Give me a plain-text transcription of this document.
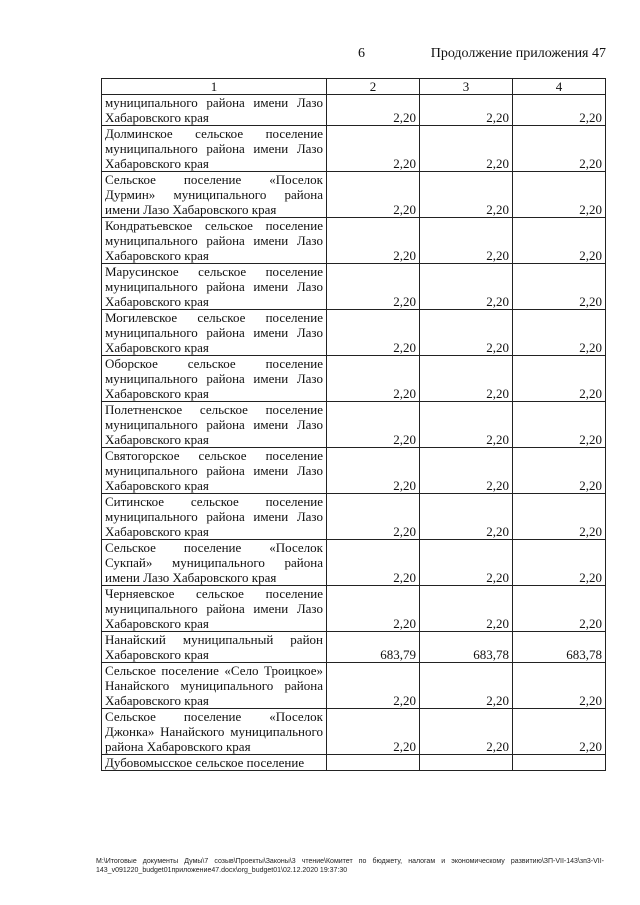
6	Продолжение приложения 47
1	2	3	4
муниципального района имени Лазо Хабаровского края	2,20	2,20	2,20
Долминское сельское поселение муниципального района имени Лазо Хабаровского края	2,20	2,20	2,20
Сельское поселение «Поселок Дурмин» муниципального района имени Лазо Хабаровского края	2,20	2,20	2,20
Кондратьевское сельское поселение муниципального района имени Лазо Хабаровского края	2,20	2,20	2,20
Марусинское сельское поселение муниципального района имени Лазо Хабаровского края	2,20	2,20	2,20
Могилевское сельское поселение муниципального района имени Лазо Хабаровского края	2,20	2,20	2,20
Оборское сельское поселение муниципального района имени Лазо Хабаровского края	2,20	2,20	2,20
Полетненское сельское поселение муниципального района имени Лазо Хабаровского края	2,20	2,20	2,20
Святогорское сельское поселение муниципального района имени Лазо Хабаровского края	2,20	2,20	2,20
Ситинское сельское поселение муниципального района имени Лазо Хабаровского края	2,20	2,20	2,20
Сельское поселение «Поселок Сукпай» муниципального района имени Лазо Хабаровского края	2,20	2,20	2,20
Черняевское сельское поселение муниципального района имени Лазо Хабаровского края	2,20	2,20	2,20
Нанайский муниципальный район Хабаровского края	683,79	683,78	683,78
Сельское поселение «Село Троицкое» Нанайского муниципального района Хабаровского края	2,20	2,20	2,20
Сельское поселение «Поселок Джонка» Нанайского муниципального района Хабаровского края	2,20	2,20	2,20
Дубовомысское сельское поселение			
М:\Итоговые документы Думы\7 созыв\Проекты\Законы\3 чтение\Комитет по бюджету, налогам и экономическому развитию\ЗП-VII-143\зп3-VII-143_v091220_budget01приложение47.docx\org_budget01\02.12.2020 19:37:30
